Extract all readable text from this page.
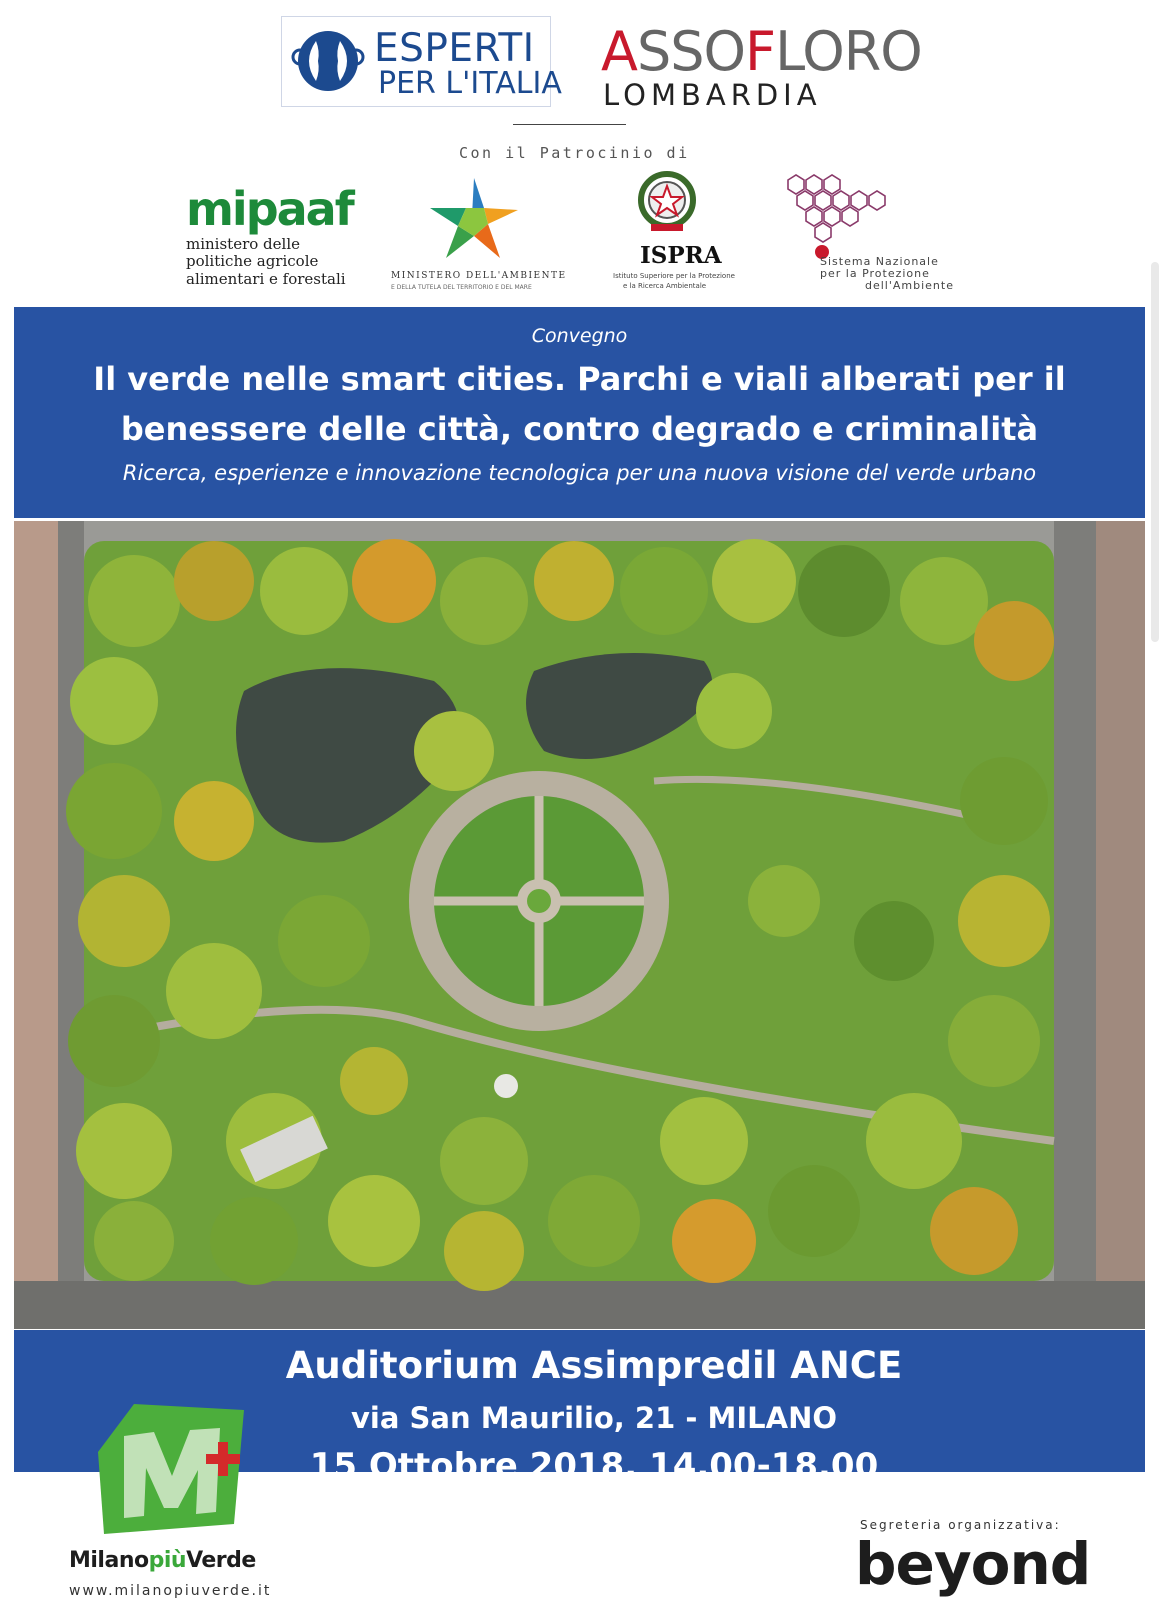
ESPERTI
PER L'ITALIA
ASSOFLORO
LOMBARDIA
Con il Patrocinio di
mipaaf
ministero delle
politiche agricole
alimentari e forestali	MINISTERO DELL'AMBIENTE
E DELLA TUTELA DEL TERRITORIO E DEL MARE
ISPRA
Istituto Superiore per la Protezione
e la Ricerca Ambientale
Sistema Nazionale
per la Protezione
dell'Ambiente
Convegno
Il verde nelle smart cities. Parchi e viali alberati per il
benessere delle città, contro degrado e criminalità
Ricerca, esperienze e innovazione tecnologica per una nuova visione del verde urbano
Auditorium Assimpredil ANCE
via San Maurilio, 21 - MILANO
15 Ottobre 2018, 14.00-18.00
MilanopiùVerde
www.milanopiuverde.it
Segreteria organizzativa:
beyond
